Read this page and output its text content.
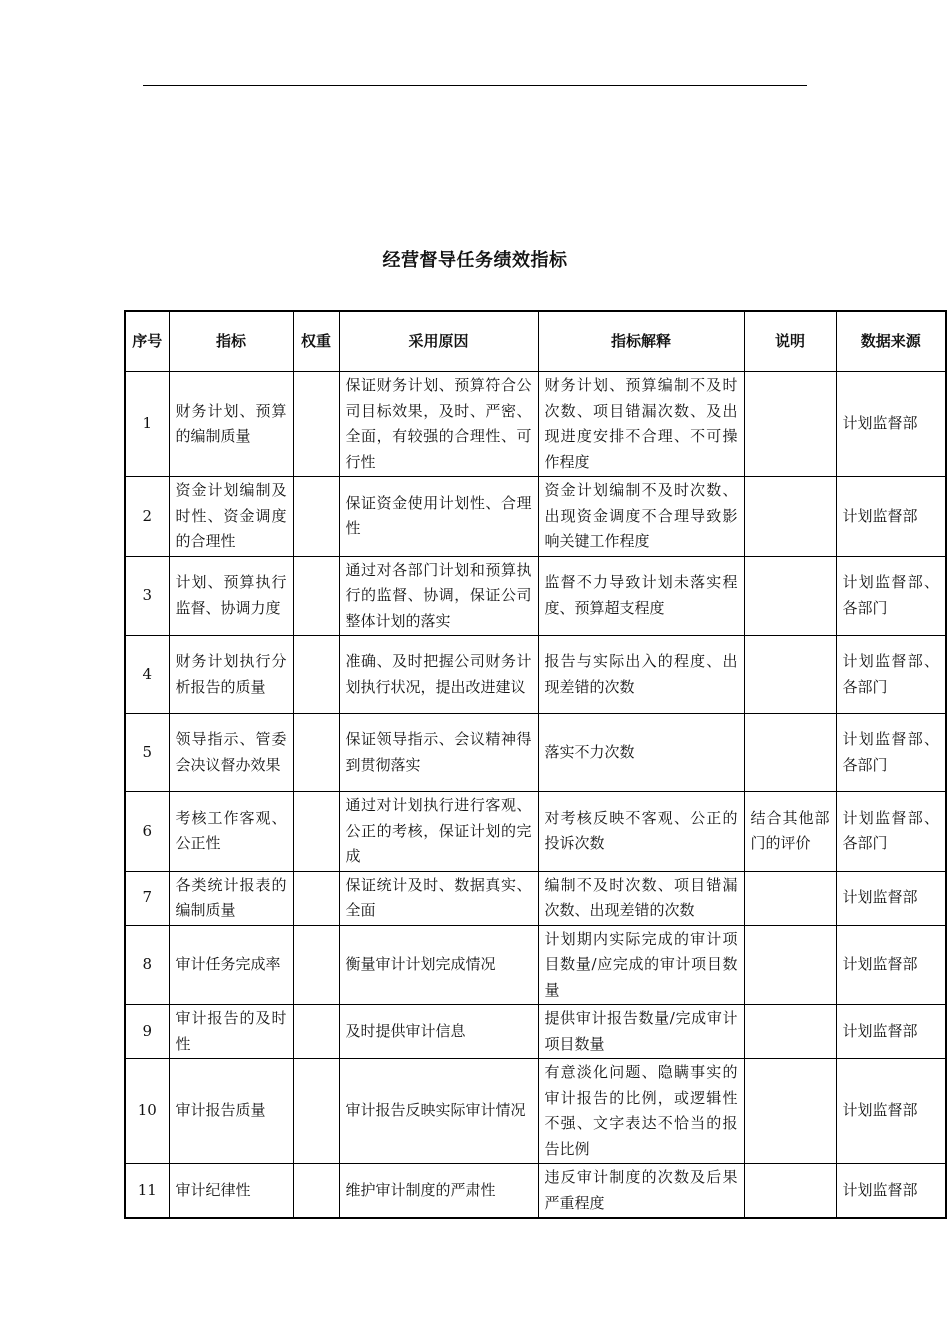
经营督导任务绩效指标
序号	指标	权重	采用原因	指标解释	说明	数据来源
1	财务计划、预算的编制质量		保证财务计划、预算符合公司目标效果，及时、严密、全面，有较强的合理性、可行性	财务计划、预算编制不及时次数、项目错漏次数、及出现进度安排不合理、不可操作程度		计划监督部
2	资金计划编制及时性、资金调度的合理性		保证资金使用计划性、合理性	资金计划编制不及时次数、出现资金调度不合理导致影响关键工作程度		计划监督部
3	计划、预算执行监督、协调力度		通过对各部门计划和预算执行的监督、协调，保证公司整体计划的落实	监督不力导致计划未落实程度、预算超支程度		计划监督部、各部门
4	财务计划执行分析报告的质量		准确、及时把握公司财务计划执行状况，提出改进建议	报告与实际出入的程度、出现差错的次数		计划监督部、各部门
5	领导指示、管委会决议督办效果		保证领导指示、会议精神得到贯彻落实	落实不力次数		计划监督部、各部门
6	考核工作客观、公正性		通过对计划执行进行客观、公正的考核，保证计划的完成	对考核反映不客观、公正的投诉次数	结合其他部门的评价	计划监督部、各部门
7	各类统计报表的编制质量		保证统计及时、数据真实、全面	编制不及时次数、项目错漏次数、出现差错的次数		计划监督部
8	审计任务完成率		衡量审计计划完成情况	计划期内实际完成的审计项目数量/应完成的审计项目数量		计划监督部
9	审计报告的及时性		及时提供审计信息	提供审计报告数量/完成审计项目数量		计划监督部
10	审计报告质量		审计报告反映实际审计情况	有意淡化问题、隐瞒事实的审计报告的比例，或逻辑性不强、文字表达不恰当的报告比例		计划监督部
11	审计纪律性		维护审计制度的严肃性	违反审计制度的次数及后果严重程度		计划监督部
